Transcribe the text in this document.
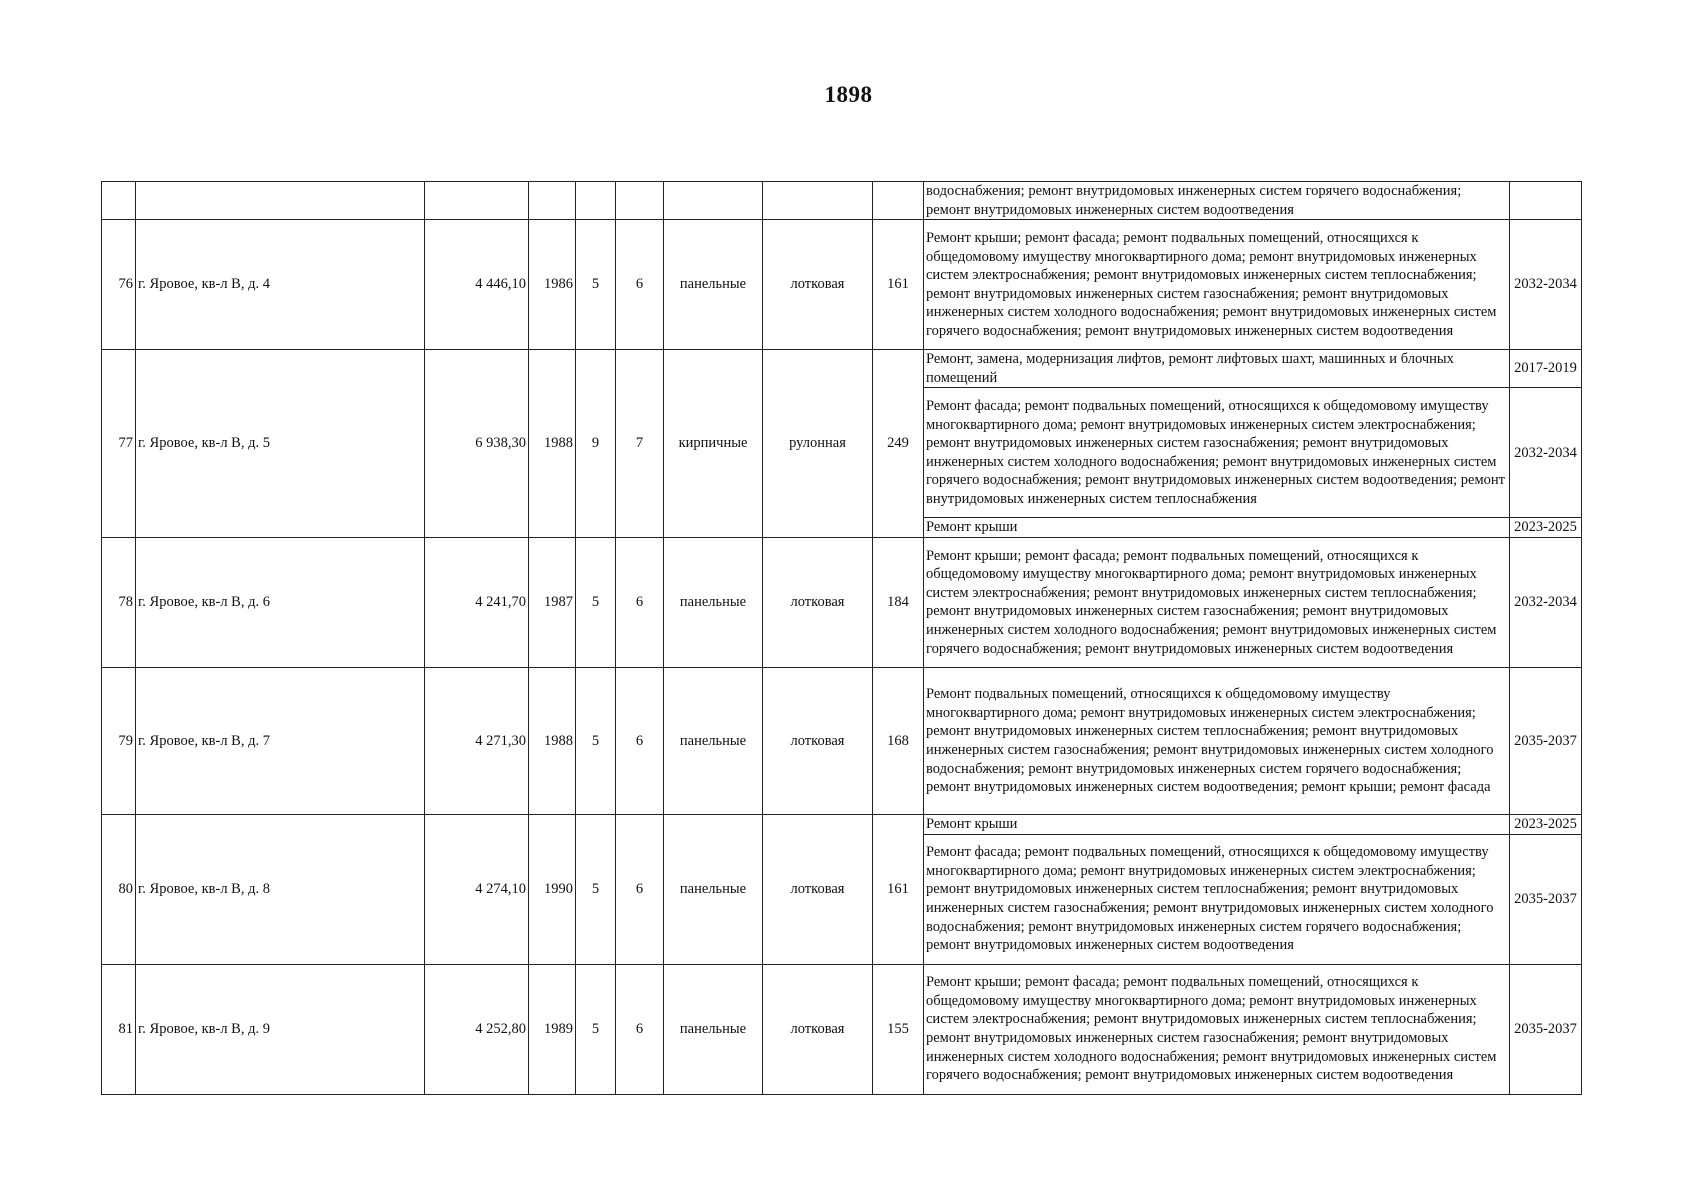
1898
									водоснабжения; ремонт внутридомовых инженерных систем горячего водоснабжения; ремонт внутридомовых инженерных систем водоотведения	
76	г. Яровое, кв-л В, д. 4	4 446,10	1986	5	6	панельные	лотковая	161	Ремонт крыши; ремонт фасада; ремонт подвальных помещений, относящихся к общедомовому имуществу многоквартирного дома; ремонт внутридомовых инженерных систем электроснабжения; ремонт внутридомовых инженерных систем теплоснабжения; ремонт внутридомовых инженерных систем газоснабжения; ремонт внутридомовых инженерных систем холодного водоснабжения; ремонт внутридомовых инженерных систем горячего водоснабжения; ремонт внутридомовых инженерных систем водоотведения	2032-2034
77	г. Яровое, кв-л В, д. 5	6 938,30	1988	9	7	кирпичные	рулонная	249	Ремонт, замена, модернизация лифтов, ремонт лифтовых шахт, машинных и блочных помещений	2017-2019
									Ремонт фасада; ремонт подвальных помещений, относящихся к общедомовому имуществу многоквартирного дома; ремонт внутридомовых инженерных систем электроснабжения; ремонт внутридомовых инженерных систем газоснабжения; ремонт внутридомовых инженерных систем холодного водоснабжения; ремонт внутридомовых инженерных систем горячего водоснабжения; ремонт внутридомовых инженерных систем водоотведения; ремонт внутридомовых инженерных систем теплоснабжения	2032-2034
									Ремонт крыши	2023-2025
78	г. Яровое, кв-л В, д. 6	4 241,70	1987	5	6	панельные	лотковая	184	Ремонт крыши; ремонт фасада; ремонт подвальных помещений, относящихся к общедомовому имуществу многоквартирного дома; ремонт внутридомовых инженерных систем электроснабжения; ремонт внутридомовых инженерных систем теплоснабжения; ремонт внутридомовых инженерных систем газоснабжения; ремонт внутридомовых инженерных систем холодного водоснабжения; ремонт внутридомовых инженерных систем горячего водоснабжения; ремонт внутридомовых инженерных систем водоотведения	2032-2034
79	г. Яровое, кв-л В, д. 7	4 271,30	1988	5	6	панельные	лотковая	168	Ремонт подвальных помещений, относящихся к общедомовому имуществу многоквартирного дома; ремонт внутридомовых инженерных систем электроснабжения; ремонт внутридомовых инженерных систем теплоснабжения; ремонт внутридомовых инженерных систем газоснабжения; ремонт внутридомовых инженерных систем холодного водоснабжения; ремонт внутридомовых инженерных систем горячего водоснабжения; ремонт внутридомовых инженерных систем водоотведения; ремонт крыши; ремонт фасада	2035-2037
80	г. Яровое, кв-л В, д. 8	4 274,10	1990	5	6	панельные	лотковая	161	Ремонт крыши	2023-2025
									Ремонт фасада; ремонт подвальных помещений, относящихся к общедомовому имуществу многоквартирного дома; ремонт внутридомовых инженерных систем электроснабжения; ремонт внутридомовых инженерных систем теплоснабжения; ремонт внутридомовых инженерных систем газоснабжения; ремонт внутридомовых инженерных систем холодного водоснабжения; ремонт внутридомовых инженерных систем горячего водоснабжения; ремонт внутридомовых инженерных систем водоотведения	2035-2037
81	г. Яровое, кв-л В, д. 9	4 252,80	1989	5	6	панельные	лотковая	155	Ремонт крыши; ремонт фасада; ремонт подвальных помещений, относящихся к общедомовому имуществу многоквартирного дома; ремонт внутридомовых инженерных систем электроснабжения; ремонт внутридомовых инженерных систем теплоснабжения; ремонт внутридомовых инженерных систем газоснабжения; ремонт внутридомовых инженерных систем холодного водоснабжения; ремонт внутридомовых инженерных систем горячего водоснабжения; ремонт внутридомовых инженерных систем водоотведения	2035-2037
